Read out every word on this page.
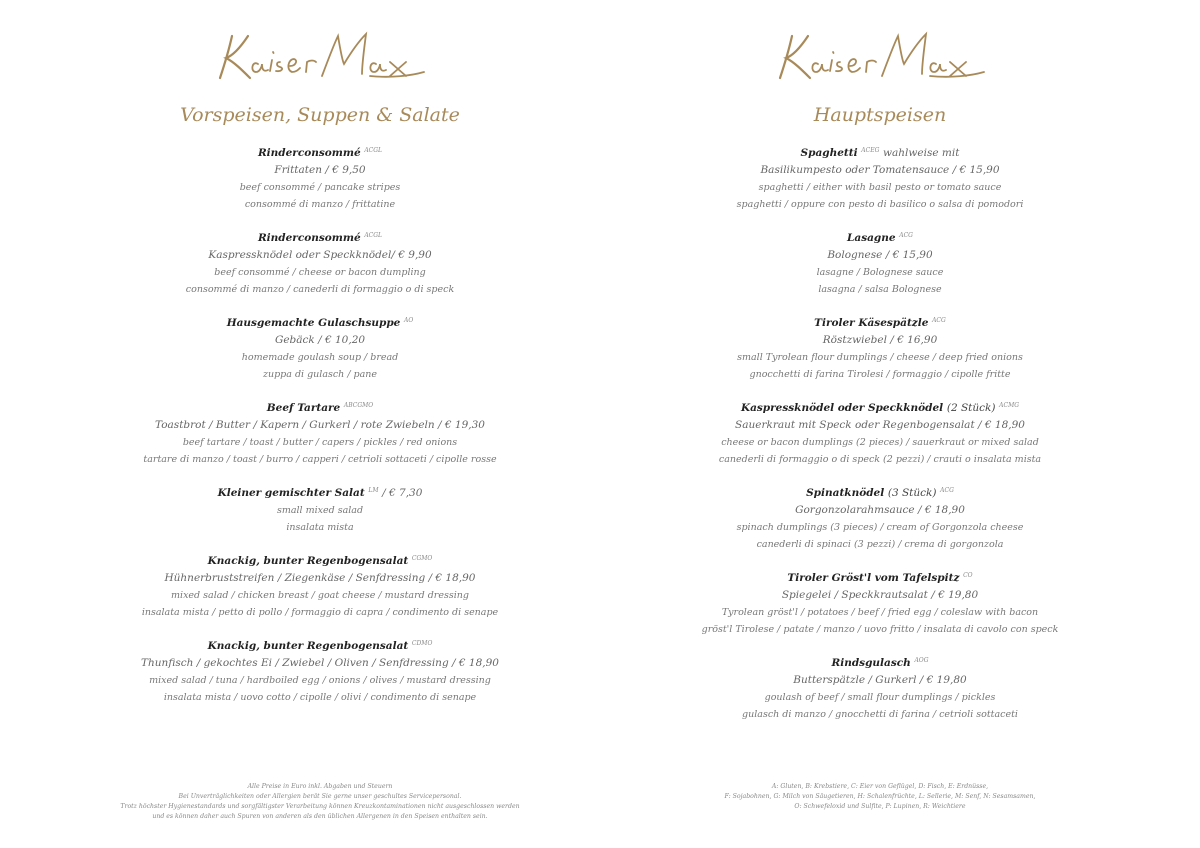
Vorspeisen, Suppen & Salate
Rinderconsommé $^{ACGL}$
Frittaten / € 9,50
beef consommé / pancake stripes
consommé di manzo / frittatine
Rinderconsommé $^{ACGL}$
Kaspressknödel oder Speckknödel/ € 9,90
beef consommé / cheese or bacon dumpling
consommé di manzo / canederli di formaggio o di speck
Hausgemachte Gulaschsuppe $^{AO}$
Gebäck / € 10,20
homemade goulash soup / bread
zuppa di gulasch / pane
Beef Tartare $^{ABCGMO}$
Toastbrot / Butter / Kapern / Gurkerl / rote Zwiebeln / € 19,30
beef tartare / toast / butter / capers / pickles / red onions
tartare di manzo / toast / burro / capperi / cetrioli sottaceti / cipolle rosse
Kleiner gemischter Salat $^{LM}$ / € 7,30
small mixed salad
insalata mista
Knackig, bunter Regenbogensalat $^{CGMO}$
Hühnerbruststreifen / Ziegenkäse / Senfdressing / € 18,90
mixed salad / chicken breast / goat cheese / mustard dressing
insalata mista / petto di pollo / formaggio di capra / condimento di senape
Knackig, bunter Regenbogensalat $^{CDMO}$
Thunfisch / gekochtes Ei / Zwiebel / Oliven / Senfdressing / € 18,90
mixed salad / tuna / hardboiled egg / onions / olives / mustard dressing
insalata mista / uovo cotto / cipolle / olivi / condimento di senape
Alle Preise in Euro inkl. Abgaben und Steuern
Bei Unverträglichkeiten oder Allergien berät Sie gerne unser geschultes Servicepersonal.
Trotz höchster Hygienestandards und sorgfältigster Verarbeitung können Kreuzkontaminationen nicht ausgeschlossen werden
und es können daher auch Spuren von anderen als den üblichen Allergenen in den Speisen enthalten sein.
Hauptspeisen
Spaghetti $^{ACEG}$ wahlweise mit
Basilikumpesto oder Tomatensauce / € 15,90
spaghetti / either with basil pesto or tomato sauce
spaghetti / oppure con pesto di basilico o salsa di pomodori
Lasagne $^{ACG}$
Bolognese / € 15,90
lasagne / Bolognese sauce
lasagna / salsa Bolognese
Tiroler Käsespätzle $^{ACG}$
Röstzwiebel / € 16,90
small Tyrolean flour dumplings / cheese / deep fried onions
gnocchetti di farina Tirolesi / formaggio / cipolle fritte
Kaspressknödel oder Speckknödel (2 Stück) $^{ACMG}$
Sauerkraut mit Speck oder Regenbogensalat / € 18,90
cheese or bacon dumplings (2 pieces) / sauerkraut or mixed salad
canederli di formaggio o di speck (2 pezzi) / crauti o insalata mista
Spinatknödel (3 Stück) $^{ACG}$
Gorgonzolarahmsauce / € 18,90
spinach dumplings (3 pieces) / cream of Gorgonzola cheese
canederli di spinaci (3 pezzi) / crema di gorgonzola
Tiroler Gröst'l vom Tafelspitz $^{CO}$
Spiegelei / Speckkrautsalat / € 19,80
Tyrolean gröst'l / potatoes / beef / fried egg / coleslaw with bacon
gröst'l Tirolese / patate / manzo / uovo fritto / insalata di cavolo con speck
Rindsgulasch $^{AOG}$
Butterspätzle / Gurkerl / € 19,80
goulash of beef / small flour dumplings / pickles
gulasch di manzo / gnocchetti di farina / cetrioli sottaceti
A: Gluten, B: Krebstiere, C: Eier von Geflügel, D: Fisch, E: Erdnüsse,
F: Sojabohnen, G: Milch von Säugetieren, H: Schalenfrüchte, L: Sellerie, M: Senf, N: Sesamsamen,
O: Schwefeloxid und Sulfite, P: Lupinen, R: Weichtiere
